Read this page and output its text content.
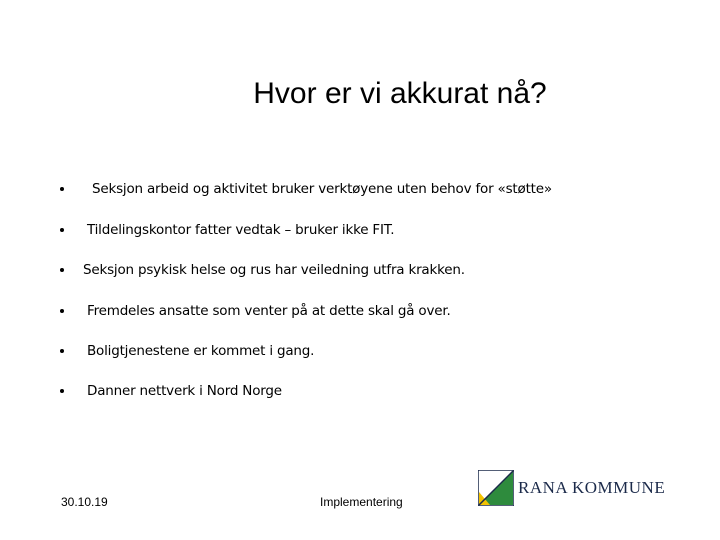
Hvor er vi akkurat nå?
Seksjon arbeid og aktivitet bruker verktøyene uten behov for «støtte»
Tildelingskontor fatter vedtak – bruker ikke FIT.
Seksjon psykisk helse og rus har veiledning utfra krakken.
Fremdeles ansatte som venter på at dette skal gå over.
Boligtjenestene er kommet i gang.
Danner nettverk i Nord Norge
30.10.19	Implementering
RANA KOMMUNE
